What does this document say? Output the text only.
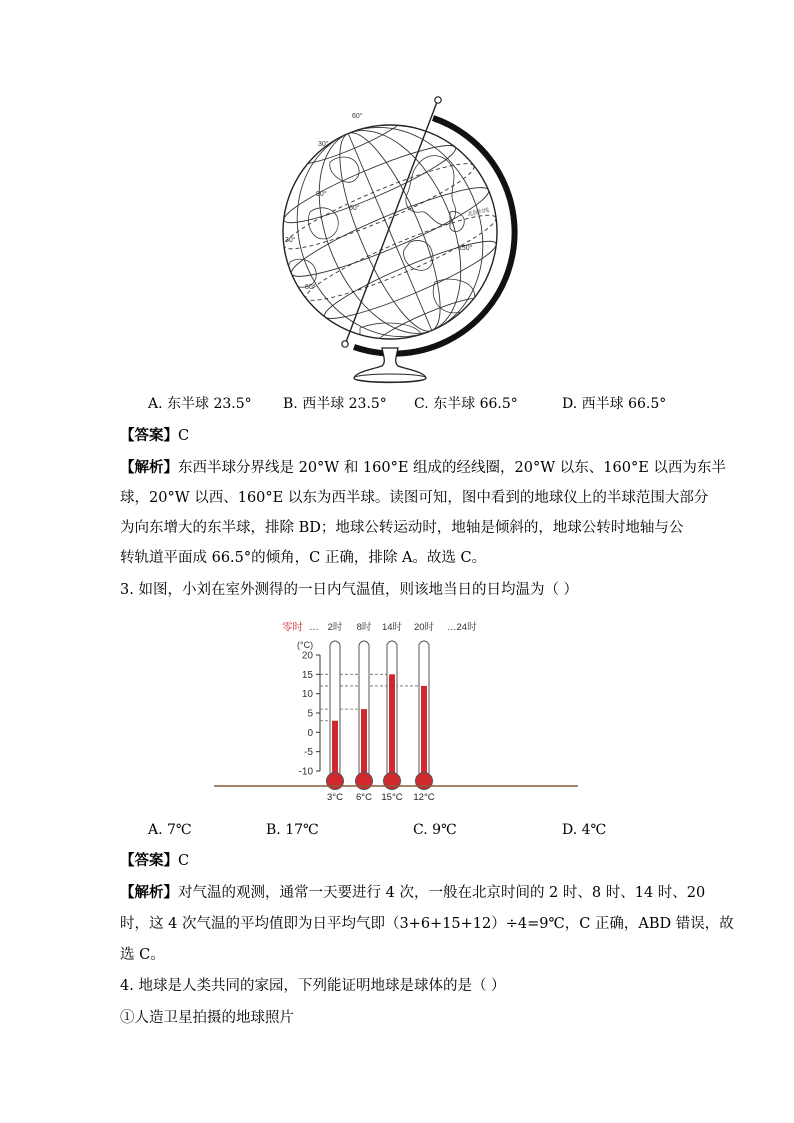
30°
60°
90°
60°
30°
60°
150°
北回归线
A. 东半球 23.5° B. 西半球 23.5° C. 东半球 66.5°	D. 西半球 66.5°
【答案】C
【解析】东西半球分界线是 20°W 和 160°E 组成的经线圈，20°W 以东、160°E 以西为东半
球，20°W 以西、160°E 以东为西半球。读图可知，图中看到的地球仪上的半球范围大部分
为向东增大的东半球，排除 BD；地球公转运动时，地轴是倾斜的，地球公转时地轴与公
转轨道平面成 66.5°的倾角，C 正确，排除 A。故选 C。
3. 如图，小刘在室外测得的一日内气温值，则该地当日的日均温为（ ）
零时 …
(°C)
20
15
10
5
0
-5
-10
2时
3°C
8时
6°C
14时
15°C
20时
12°C
…24时
A. 7℃	B. 17℃	C. 9℃	D. 4℃
【答案】C
【解析】对气温的观测，通常一天要进行 4 次，一般在北京时间的 2 时、8 时、14 时、20
时，这 4 次气温的平均值即为日平均气即（3+6+15+12）÷4=9℃，C 正确，ABD 错误，故
选 C。
4. 地球是人类共同的家园，下列能证明地球是球体的是（ ）
①人造卫星拍摄的地球照片
